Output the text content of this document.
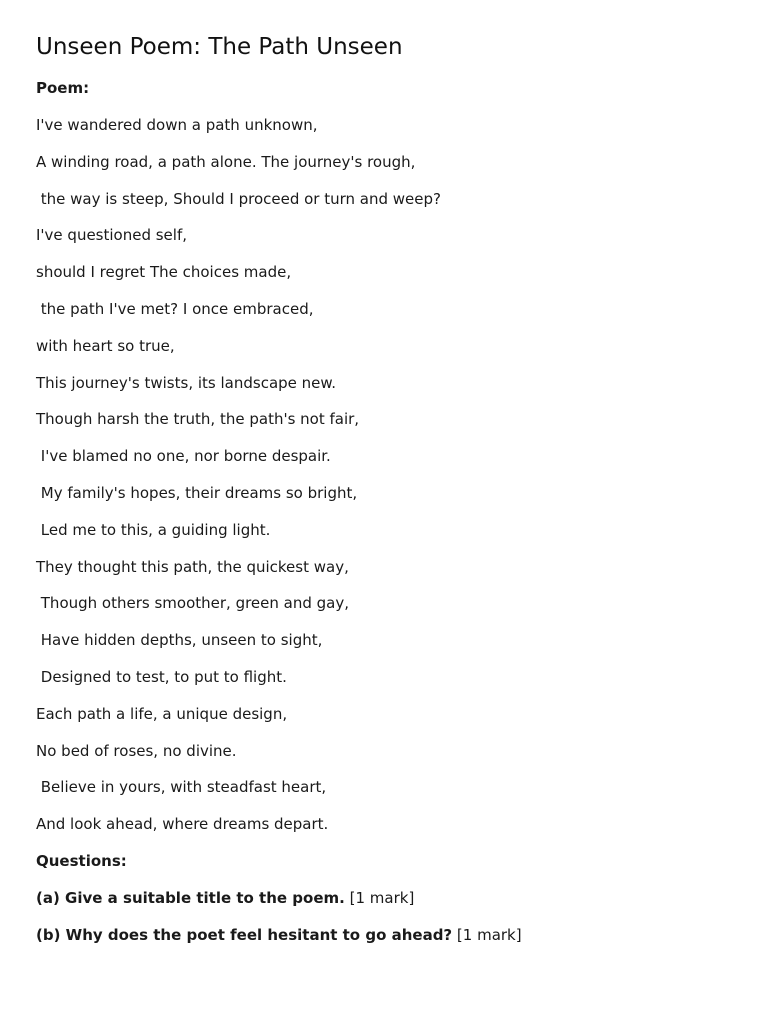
Unseen Poem: The Path Unseen

Poem:

I've wandered down a path unknown,

A winding road, a path alone. The journey's rough,

the way is steep, Should I proceed or turn and weep?

I've questioned self,

should I regret The choices made,

the path I've met? I once embraced,

with heart so true,

This journey's twists, its landscape new.

Though harsh the truth, the path's not fair,

I've blamed no one, nor borne despair.

My family's hopes, their dreams so bright,

Led me to this, a guiding light.

They thought this path, the quickest way,

Though others smoother, green and gay,

Have hidden depths, unseen to sight,

Designed to test, to put to flight.

Each path a life, a unique design,

No bed of roses, no divine.

Believe in yours, with steadfast heart,

And look ahead, where dreams depart.

Questions:

(a) Give a suitable title to the poem. [1 mark]

(b) Why does the poet feel hesitant to go ahead? [1 mark]
